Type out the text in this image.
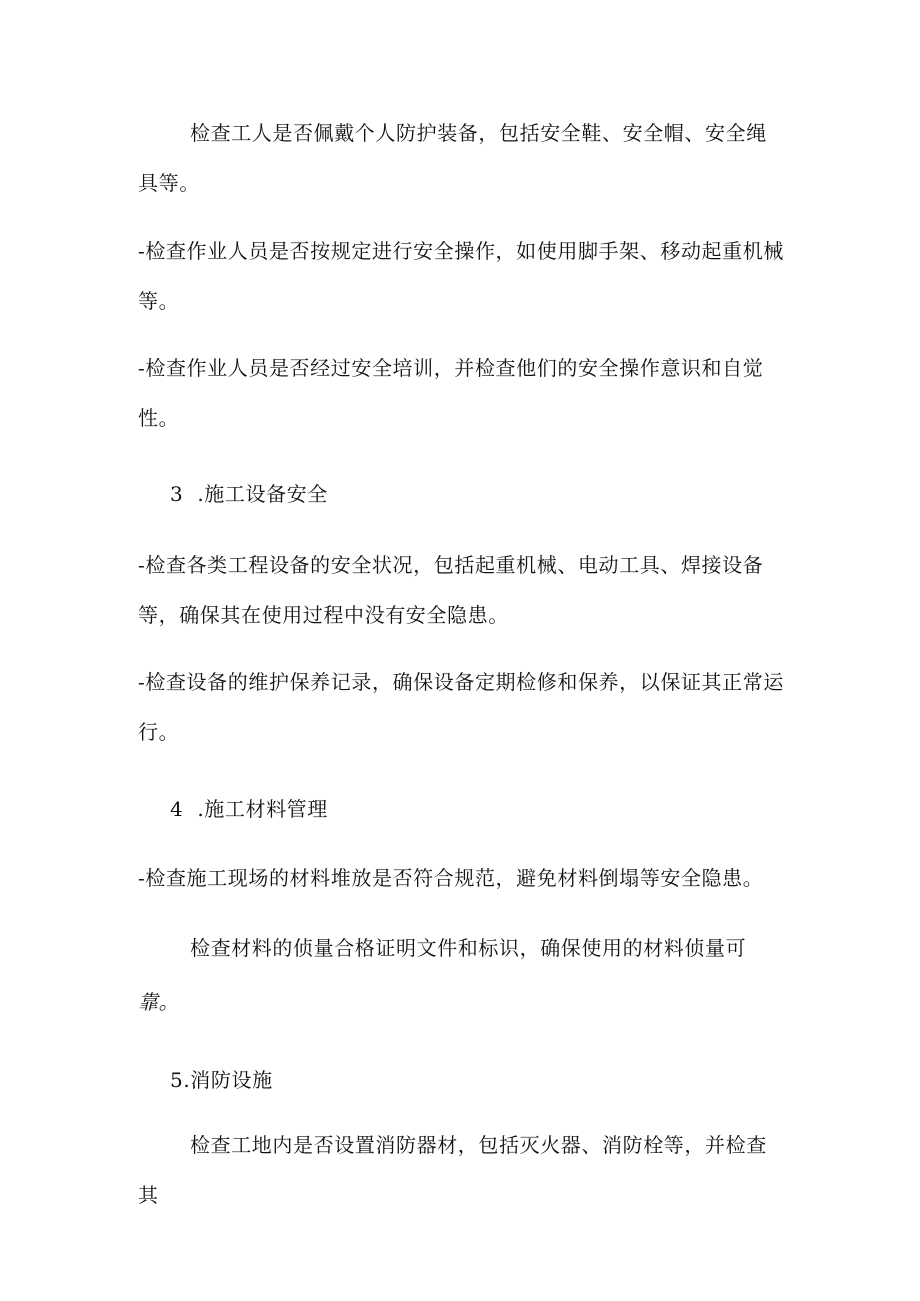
检查工人是否佩戴个人防护装备，包括安全鞋、安全帽、安全绳具等。

-检查作业人员是否按规定进行安全操作，如使用脚手架、移动起重机械等。

-检查作业人员是否经过安全培训，并检查他们的安全操作意识和自觉性。

3 .施工设备安全

-检查各类工程设备的安全状况，包括起重机械、电动工具、焊接设备等，确保其在使用过程中没有安全隐患。

-检查设备的维护保养记录，确保设备定期检修和保养，以保证其正常运行。

4 .施工材料管理

-检查施工现场的材料堆放是否符合规范，避免材料倒塌等安全隐患。

检查材料的侦量合格证明文件和标识，确保使用的材料侦量可
靠。

5.消防设施

检查工地内是否设置消防器材，包括灭火器、消防栓等，并检查其
